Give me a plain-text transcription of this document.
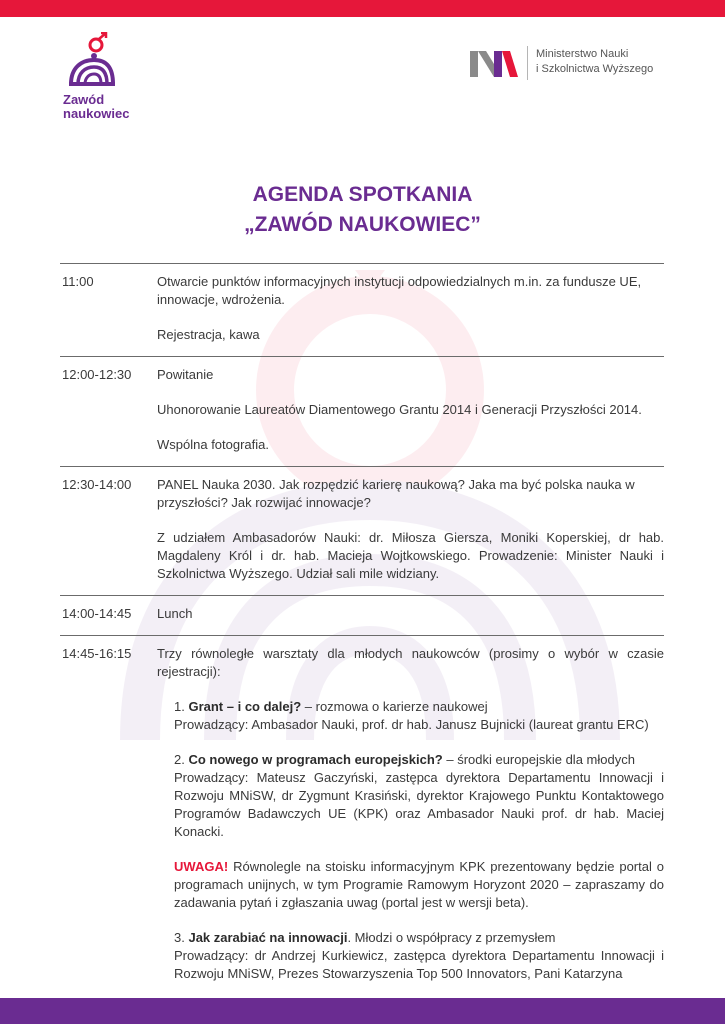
Zawód
naukowiec
Ministerstwo Nauki
i Szkolnictwa Wyższego
AGENDA SPOTKANIA
„ZAWÓD NAUKOWIEC”
11:00	Otwarcie punktów informacyjnych instytucji odpowiedzialnych m.in. za fundusze UE, innowacje, wdrożenia.

Rejestracja, kawa

12:00-12:30	Powitanie

Uhonorowanie Laureatów Diamentowego Grantu 2014 i Generacji Przyszłości 2014.

Wspólna fotografia.

12:30-14:00	PANEL Nauka 2030. Jak rozpędzić karierę naukową? Jaka ma być polska nauka w przyszłości? Jak rozwijać innowacje?

Z udziałem Ambasadorów Nauki: dr. Miłosza Giersza, Moniki Koperskiej, dr hab. Magdaleny Król i dr. hab. Macieja Wojtkowskiego. Prowadzenie: Minister Nauki i Szkolnictwa Wyższego. Udział sali mile widziany.

14:00-14:45	Lunch

14:45-16:15	Trzy równoległe warsztaty dla młodych naukowców (prosimy o wybór w czasie rejestracji):

1. Grant – i co dalej? – rozmowa o karierze naukowej
Prowadzący: Ambasador Nauki, prof. dr hab. Janusz Bujnicki (laureat grantu ERC)

2. Co nowego w programach europejskich? – środki europejskie dla młodych
Prowadzący: Mateusz Gaczyński, zastępca dyrektora Departamentu Innowacji i Rozwoju MNiSW, dr Zygmunt Krasiński, dyrektor Krajowego Punktu Kontaktowego Programów Badawczych UE (KPK) oraz Ambasador Nauki prof. dr hab. Maciej Konacki.

UWAGA! Równolegle na stoisku informacyjnym KPK prezentowany będzie portal o programach unijnych, w tym Programie Ramowym Horyzont 2020 – zapraszamy do zadawania pytań i zgłaszania uwag (portal jest w wersji beta).

3. Jak zarabiać na innowacji. Młodzi o współpracy z przemysłem
Prowadzący: dr Andrzej Kurkiewicz, zastępca dyrektora Departamentu Innowacji i Rozwoju MNiSW, Prezes Stowarzyszenia Top 500 Innovators, Pani Katarzyna
